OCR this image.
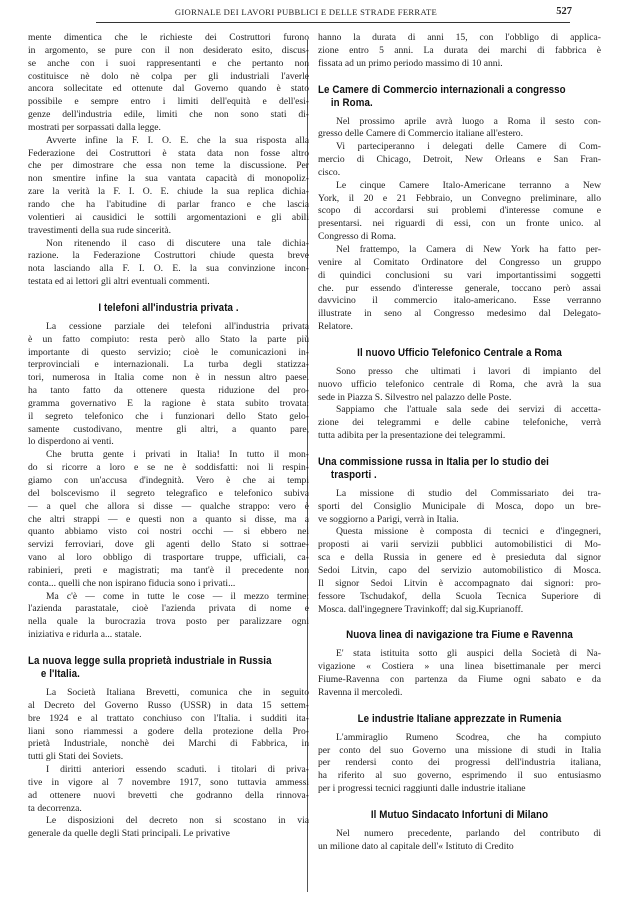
GIORNALE DEI LAVORI PUBBLICI E DELLE STRADE FERRATE	527
mente dimentica che le richieste dei Costruttori furono
in argomento, se pure con il non desiderato esito, discus-
se anche con i suoi rappresentanti e che pertanto non
costituisce nè dolo nè colpa per gli industriali l'averle
ancora sollecitate ed ottenute dal Governo quando è stato
possibile e sempre entro i limiti dell'equità e dell'esi-
genze dell'industria edile, limiti che non sono stati di-
mostrati per sorpassati dalla legge.
Avverte infine la F. I. O. E. che la sua risposta alla
Federazione dei Costruttori è stata data non fosse altro
che per dimostrare che essa non teme la discussione. Per
non smentire infine la sua vantata capacità di monopoliz-
zare la verità la F. I. O. E. chiude la sua replica dichia-
rando che ha l'abitudine di parlar franco e che lascia
volentieri ai causidici le sottili argomentazioni e gli abili
travestimenti della sua rude sincerità.
Non ritenendo il caso di discutere una tale dichia-
razione. la Federazione Costruttori chiude questa breve
nota lasciando alla F. I. O. E. la sua convinzione incon-
testata ed ai lettori gli altri eventuali commenti.
I telefoni all'industria privata .
La cessione parziale dei telefoni all'industria privata
è un fatto compiuto: resta però allo Stato la parte più
importante di questo servizio; cioè le comunicazioni in-
terprovinciali e internazionali. La turba degli statizza-
tori, numerosa in Italia come non è in nessun altro paese.
ha tanto fatto da ottenere questa riduzione del pro-
gramma governativo E la ragione è stata subito trovata:
il segreto telefonico che i funzionari dello Stato gelo-
samente custodivano, mentre gli altri, a quanto pare,
lo disperdono ai venti.
Che brutta gente i privati in Italia! In tutto il mon-
do si ricorre a loro e se ne è soddisfatti: noi li respin-
giamo con un'accusa d'indegnità. Vero è che ai tempi
del bolscevismo il segreto telegrafico e telefonico subiva
— a quel che allora si disse — qualche strappo: vero è
che altri strappi — e questi non a quanto si disse, ma a
quanto abbiamo visto coi nostri occhi — si ebbero nei
servizi ferroviari, dove gli agenti dello Stato si sottrae-
vano al loro obbligo di trasportare truppe, ufficiali, ca-
rabinieri, preti e magistrati; ma tant'è il precedente non
conta... quelli che non ispirano fiducia sono i privati...
Ma c'è — come in tutte le cose — il mezzo termine:
l'azienda parastatale, cioè l'azienda privata di nome e
nella quale la burocrazia trova posto per paralizzare ogni
iniziativa e ridurla a... statale.
La nuova legge sulla proprietà industriale in Russia
e l'Italia.
La Società Italiana Brevetti, comunica che in seguito
al Decreto del Governo Russo (USSR) in data 15 settem-
bre 1924 e al trattato conchiuso con l'Italia. i sudditi ita-
liani sono riammessi a godere della protezione della Pro-
prietà Industriale, nonchè dei Marchi di Fabbrica, in
tutti gli Stati dei Soviets.
I diritti anteriori essendo scaduti. i titolari di priva-
tive in vigore al 7 novembre 1917, sono tuttavia ammessi
ad ottenere nuovi brevetti che godranno della rinnova-
ta decorrenza.
Le disposizioni del decreto non si scostano in via
generale da quelle degli Stati principali. Le privative
hanno la durata di anni 15, con l'obbligo di applica-
zione entro 5 anni. La durata dei marchi di fabbrica è
fissata ad un primo periodo massimo di 10 anni.
Le Camere di Commercio internazionali a congresso
in Roma.
Nel prossimo aprile avrà luogo a Roma il sesto con-
gresso delle Camere di Commercio italiane all'estero.
Vi parteciperanno i delegati delle Camere di Com-
mercio di Chicago, Detroit, New Orleans e San Fran-
cisco.
Le cinque Camere Italo-Americane terranno a New
York, il 20 e 21 Febbraio, un Convegno preliminare, allo
scopo di accordarsi sui problemi d'interesse comune e
presentarsi. nei riguardi di essi, con un fronte unico. al
Congresso di Roma.
Nel frattempo, la Camera di New York ha fatto per-
venire al Comitato Ordinatore del Congresso un gruppo
di quindici conclusioni su vari importantissimi soggetti
che. pur essendo d'interesse generale, toccano però assai
davvicino il commercio italo-americano. Esse verranno
illustrate in seno al Congresso medesimo dal Delegato-
Relatore.
Il nuovo Ufficio Telefonico Centrale a Roma
Sono presso che ultimati i lavori di impianto del
nuovo ufficio telefonico centrale di Roma, che avrà la sua
sede in Piazza S. Silvestro nel palazzo delle Poste.
Sappiamo che l'attuale sala sede dei servizi di accetta-
zione dei telegrammi e delle cabine telefoniche, verrà
tutta adibita per la presentazione dei telegrammi.
Una commissione russa in Italia per lo studio dei
trasporti .
La missione di studio del Commissariato dei tra-
sporti del Consiglio Municipale di Mosca, dopo un bre-
ve soggiorno a Parigi, verrà in Italia.
Questa missione è composta di tecnici e d'ingegneri,
proposti ai varii servizii pubblici automobilistici di Mo-
sca e della Russia in genere ed è presieduta dal signor
Sedoi Litvin, capo del servizio automobilistico di Mosca.
Il signor Sedoi Litvin è accompagnato dai signori: pro-
fessore Tschudakof, della Scuola Tecnica Superiore di
Mosca. dall'ingegnere Travinkoff; dal sig.Kuprianoff.
Nuova linea di navigazione tra Fiume e Ravenna
E' stata istituita sotto gli auspici della Società di Na-
vigazione « Costiera » una linea bisettimanale per merci
Fiume-Ravenna con partenza da Fiume ogni sabato e da
Ravenna il mercoledì.
Le industrie Italiane apprezzate in Rumenia
L'ammiraglio Rumeno Scodrea, che ha compiuto
per conto del suo Governo una missione di studi in Italia
per rendersi conto dei progressi dell'industria italiana,
ha riferito al suo governo, esprimendo il suo entusiasmo
per i progressi tecnici raggiunti dalle industrie italiane
Il Mutuo Sindacato Infortuni di Milano
Nel numero precedente, parlando del contributo di
un milione dato al capitale dell'« Istituto di Credito
